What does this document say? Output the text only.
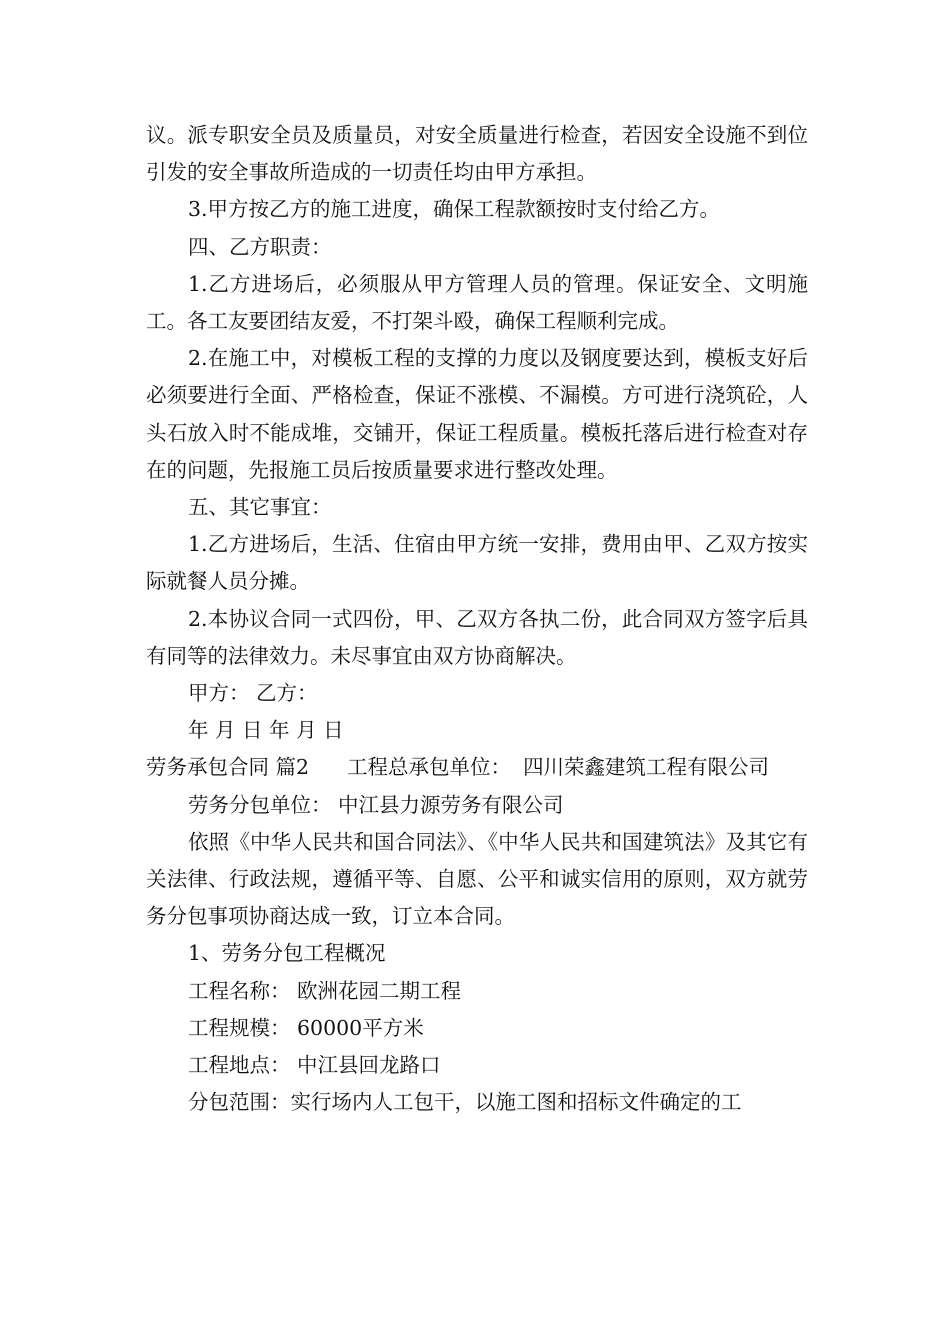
议。派专职安全员及质量员，对安全质量进行检查，若因安全设施不到位引发的安全事故所造成的一切责任均由甲方承担。

3.甲方按乙方的施工进度，确保工程款额按时支付给乙方。

四、乙方职责：

1.乙方进场后，必须服从甲方管理人员的管理。保证安全、文明施工。各工友要团结友爱，不打架斗殴，确保工程顺利完成。

2.在施工中，对模板工程的支撑的力度以及钢度要达到，模板支好后必须要进行全面、严格检查，保证不涨模、不漏模。方可进行浇筑砼，人头石放入时不能成堆，交铺开，保证工程质量。模板托落后进行检查对存在的问题，先报施工员后按质量要求进行整改处理。

五、其它事宜：

1.乙方进场后，生活、住宿由甲方统一安排，费用由甲、乙双方按实际就餐人员分摊。

2.本协议合同一式四份，甲、乙双方各执二份，此合同双方签字后具有同等的法律效力。未尽事宜由双方协商解决。

甲方： 乙方：

年 月 日 年 月 日

劳务承包合同 篇2 工程总承包单位： 四川荣鑫建筑工程有限公司

劳务分包单位： 中江县力源劳务有限公司

依照《中华人民共和国合同法》、《中华人民共和国建筑法》及其它有关法律、行政法规，遵循平等、自愿、公平和诚实信用的原则，双方就劳务分包事项协商达成一致，订立本合同。

1、劳务分包工程概况

工程名称： 欧洲花园二期工程

工程规模： 60000平方米

工程地点： 中江县回龙路口

分包范围：实行场内人工包干，以施工图和招标文件确定的工
